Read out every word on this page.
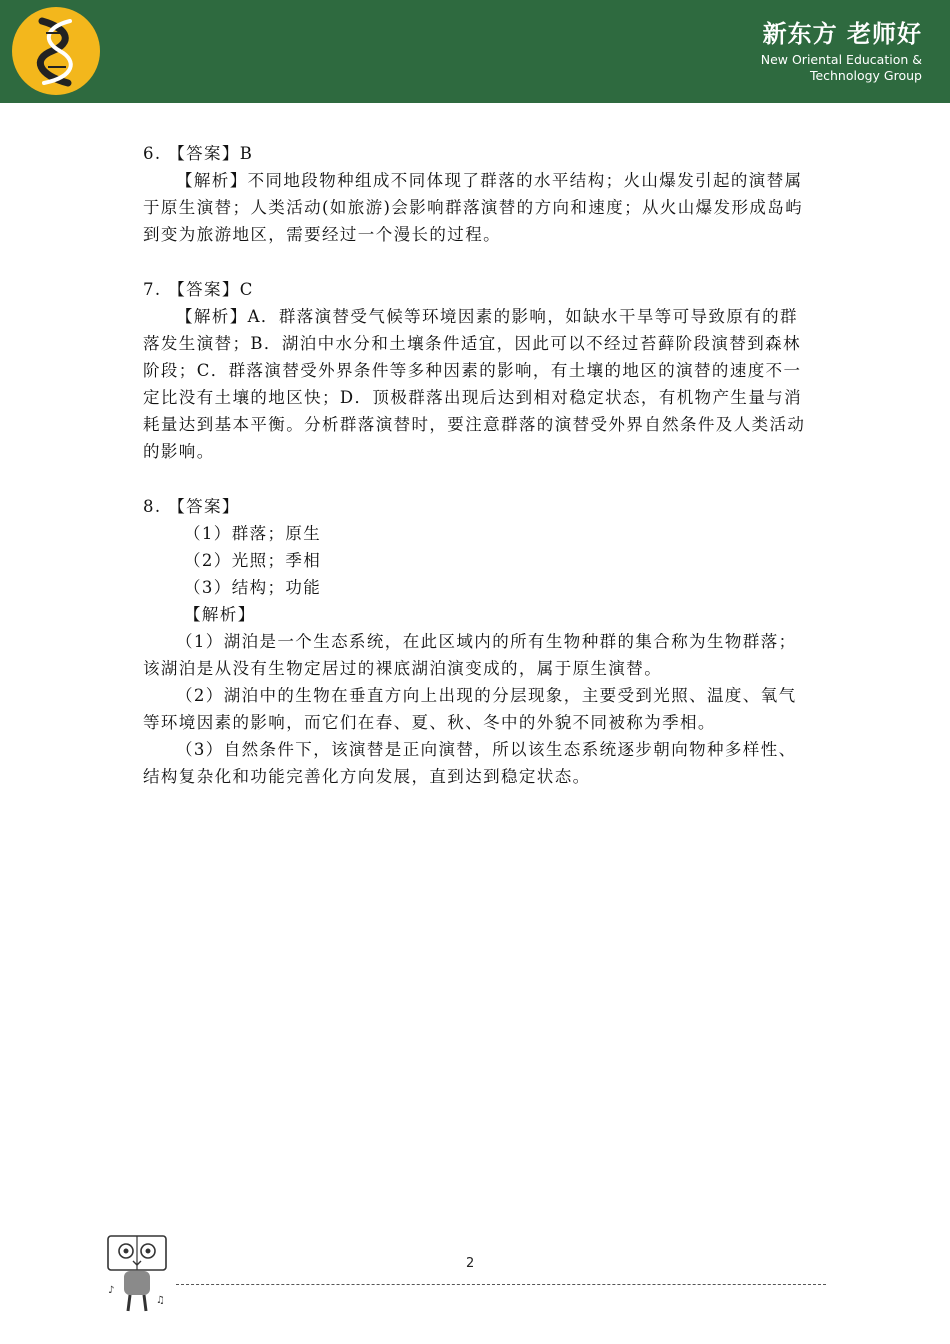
新东方 老师好
New Oriental Education &
Technology Group

6. 【答案】B

【解析】不同地段物种组成不同体现了群落的水平结构；火山爆发引起的演替属于原生演替；人类活动(如旅游)会影响群落演替的方向和速度；从火山爆发形成岛屿到变为旅游地区，需要经过一个漫长的过程。

7. 【答案】C

【解析】A．群落演替受气候等环境因素的影响，如缺水干旱等可导致原有的群落发生演替；B．湖泊中水分和土壤条件适宜，因此可以不经过苔藓阶段演替到森林阶段；C．群落演替受外界条件等多种因素的影响，有土壤的地区的演替的速度不一定比没有土壤的地区快；D．顶极群落出现后达到相对稳定状态，有机物产生量与消耗量达到基本平衡。分析群落演替时，要注意群落的演替受外界自然条件及人类活动的影响。

8. 【答案】

（1）群落；原生

（2）光照；季相

（3）结构；功能

【解析】

（1）湖泊是一个生态系统，在此区域内的所有生物种群的集合称为生物群落；该湖泊是从没有生物定居过的裸底湖泊演变成的，属于原生演替。

（2）湖泊中的生物在垂直方向上出现的分层现象，主要受到光照、温度、氧气等环境因素的影响，而它们在春、夏、秋、冬中的外貌不同被称为季相。

（3）自然条件下，该演替是正向演替，所以该生态系统逐步朝向物种多样性、结构复杂化和功能完善化方向发展，直到达到稳定状态。

♪
♫
2
